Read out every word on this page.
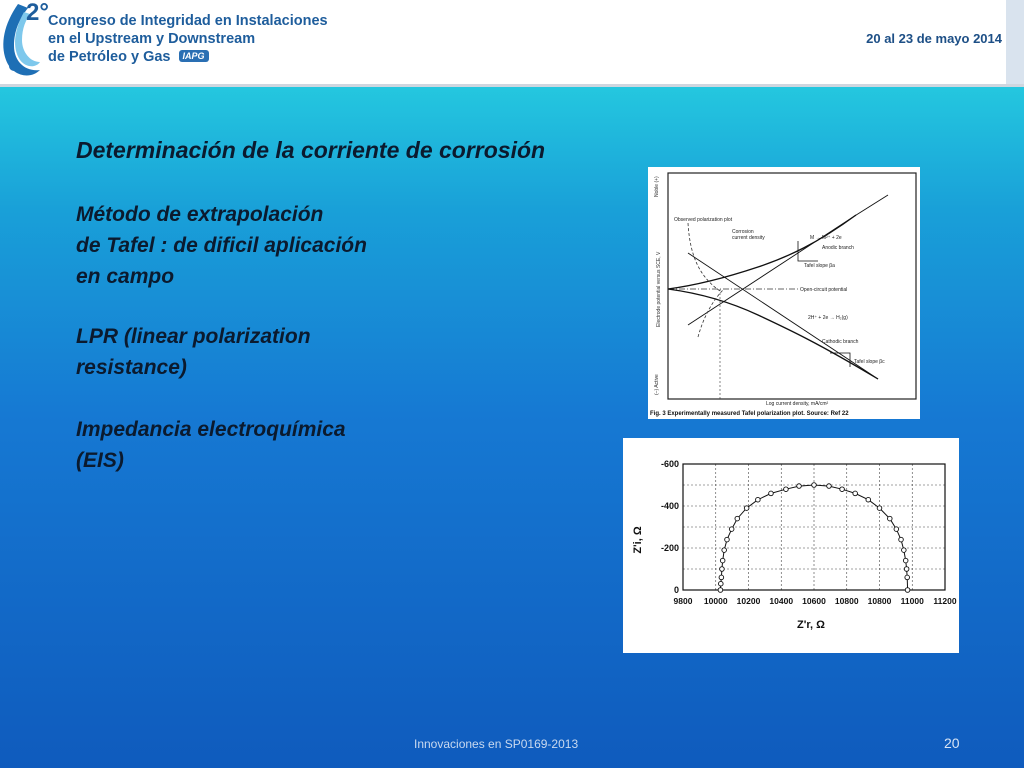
2° Congreso de Integridad en Instalaciones
en el Upstream y Downstream
de Petróleo y Gas IAPG
20 al 23 de mayo 2014
Determinación de la corriente de corrosión
Método de extrapolación
de Tafel : de dificil aplicación
en campo
LPR (linear polarization
resistance)
Impedancia electroquímica
(EIS)
Noble (+)
Electrode potential versus SCE, V
(–) Active
Observed polarization plot
Corrosion
current density	M → M²⁺ + 2e
Anodic branch
Tafel slope βa
Open-circuit potential
2H⁺ + 2e → H₂(g)
Cathodic branch
Tafel slope βc
Log current density, mA/cm²
Fig. 3 Experimentally measured Tafel polarization plot. Source: Ref 22
-600
-400
-200
0
9800 10000 10200 10400 10600 10800 10800 11000 11200
Z'i, Ω
Z'r, Ω
Innovaciones en SP0169-2013	20
